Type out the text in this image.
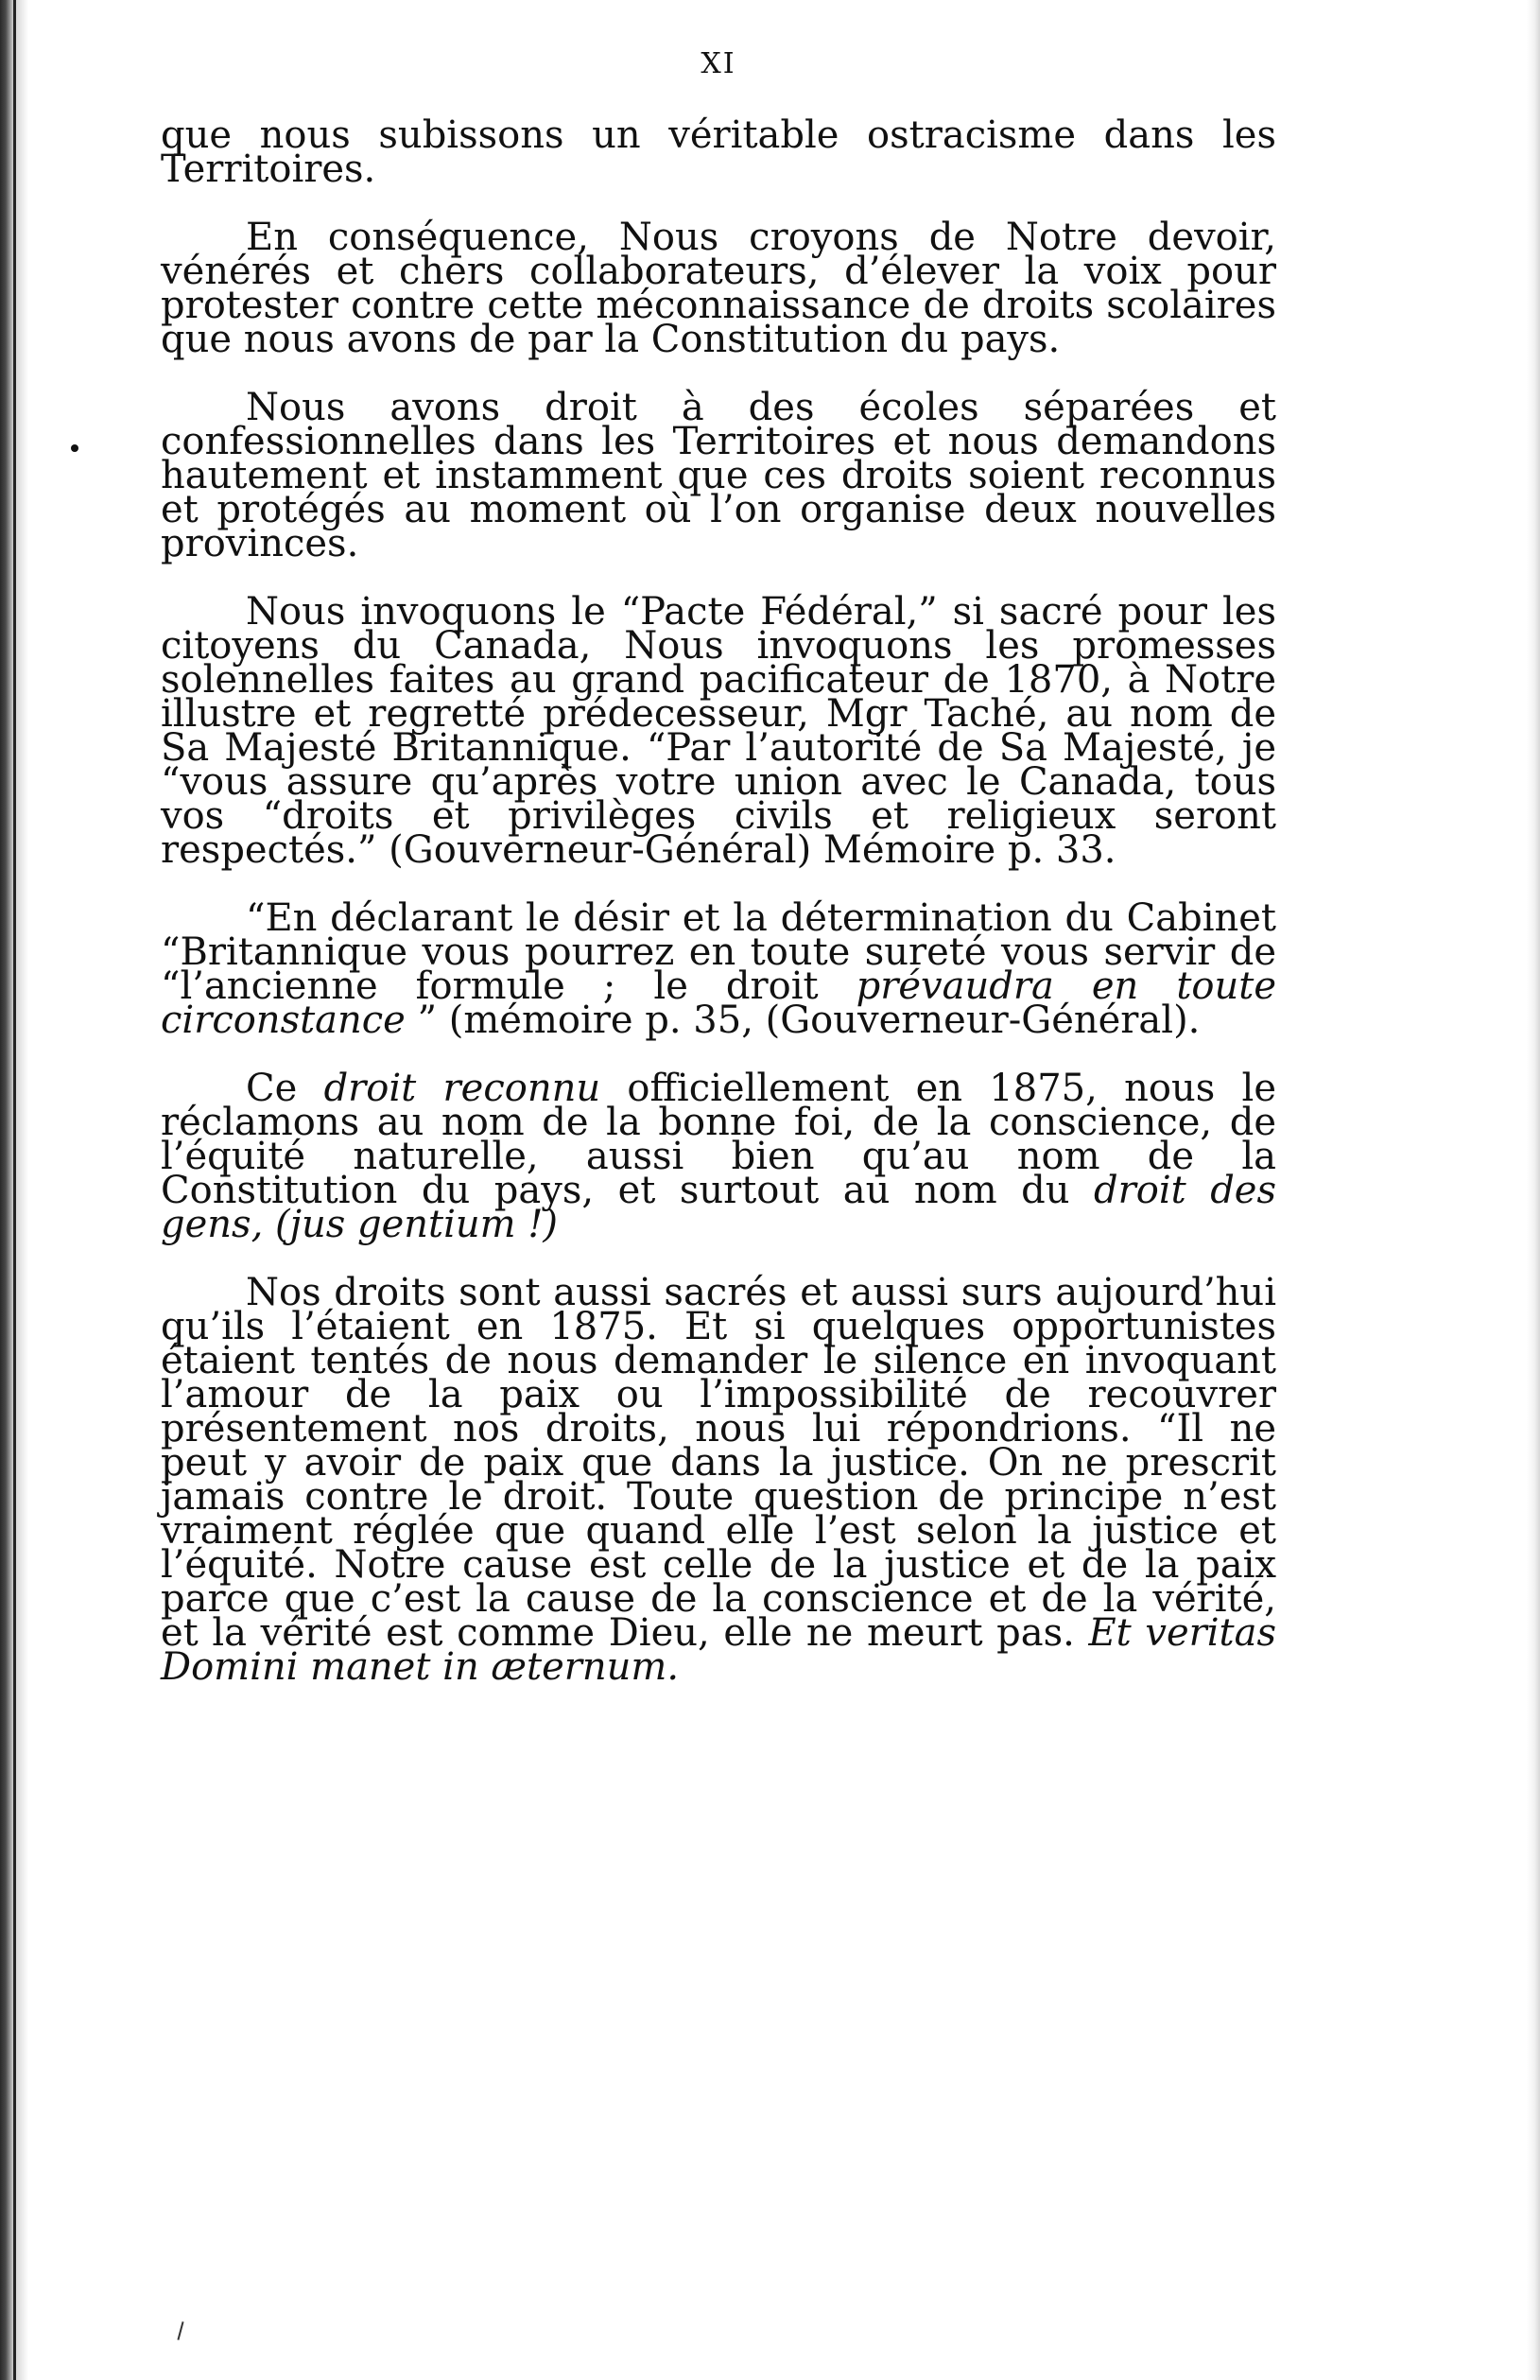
XI

que nous subissons un véritable ostracisme dans les Territoires.

En conséquence, Nous croyons de Notre devoir, vénérés et chers collaborateurs, d’élever la voix pour protester contre cette méconnaissance de droits scolaires que nous avons de par la Constitution du pays.

Nous avons droit à des écoles séparées et confessionnelles dans les Territoires et nous demandons hautement et instamment que ces droits soient reconnus et protégés au moment où l’on organise deux nouvelles provinces.

Nous invoquons le “Pacte Fédéral,” si sacré pour les citoyens du Canada, Nous invoquons les promesses solennelles faites au grand pacificateur de 1870, à Notre illustre et regretté prédecesseur, Mgr Taché, au nom de Sa Majesté Britannique. “Par l’autorité de Sa Majesté, je “vous assure qu’après votre union avec le Canada, tous vos “droits et privilèges civils et religieux seront respectés.” (Gouverneur-Général) Mémoire p. 33.

“En déclarant le désir et la détermination du Cabinet “Britannique vous pourrez en toute sureté vous servir de “l’ancienne formule ; le droit prévaudra en toute circonstance ” (mémoire p. 35, (Gouverneur-Général).

Ce droit reconnu officiellement en 1875, nous le réclamons au nom de la bonne foi, de la conscience, de l’équité naturelle, aussi bien qu’au nom de la Constitution du pays, et surtout au nom du droit des gens, (jus gentium !)

Nos droits sont aussi sacrés et aussi surs aujourd’hui qu’ils l’étaient en 1875. Et si quelques opportunistes étaient tentés de nous demander le silence en invoquant l’amour de la paix ou l’impossibilité de recouvrer présentement nos droits, nous lui répondrions. “Il ne peut y avoir de paix que dans la justice. On ne prescrit jamais contre le droit. Toute question de principe n’est vraiment réglée que quand elle l’est selon la justice et l’équité. Notre cause est celle de la justice et de la paix parce que c’est la cause de la conscience et de la vérité, et la vérité est comme Dieu, elle ne meurt pas. Et veritas Domini manet in æternum.
